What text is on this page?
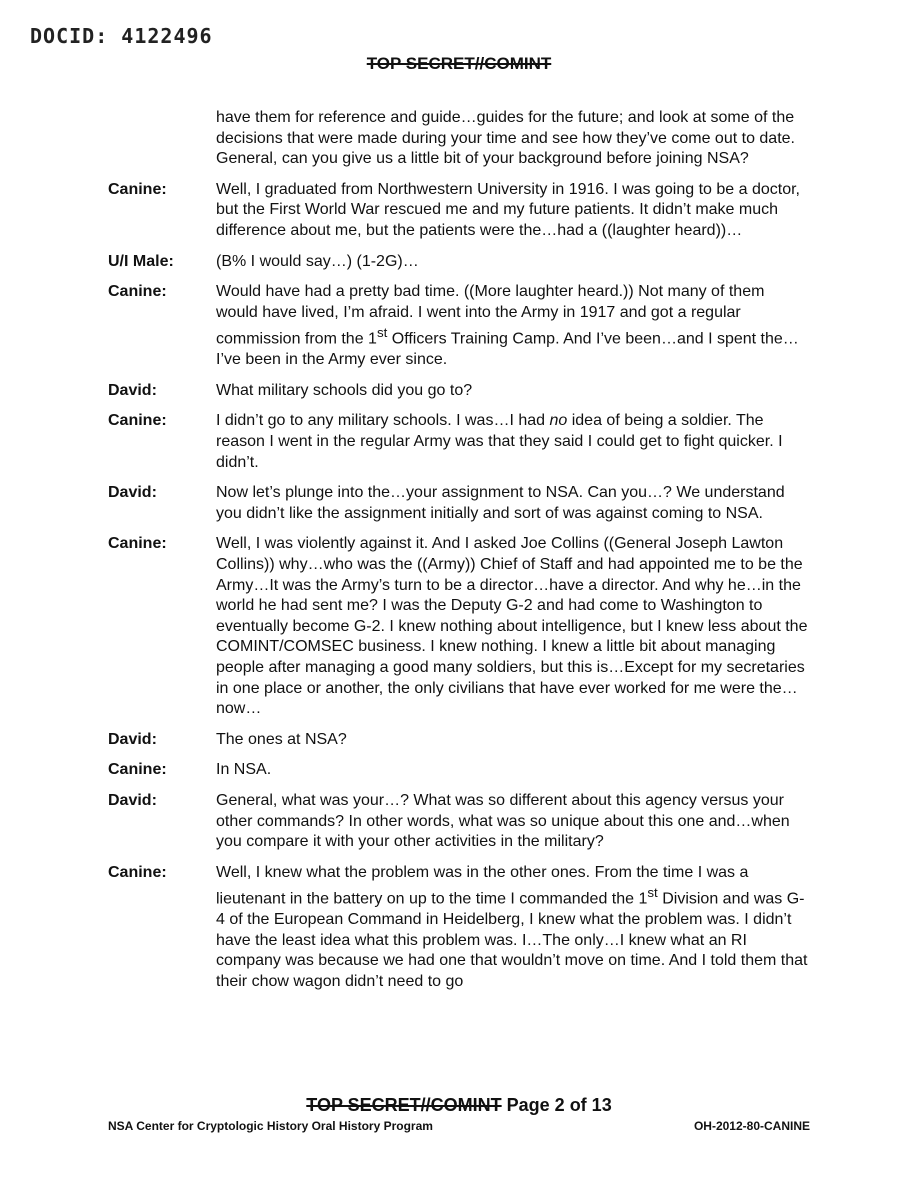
DOCID: 4122496
TOP SECRET//COMINT
have them for reference and guide…guides for the future; and look at some of the decisions that were made during your time and see how they’ve come out to date. General, can you give us a little bit of your background before joining NSA?
Canine:	Well, I graduated from Northwestern University in 1916. I was going to be a doctor, but the First World War rescued me and my future patients. It didn’t make much difference about me, but the patients were the…had a ((laughter heard))…
U/I Male:	(B% I would say…) (1-2G)…
Canine:	Would have had a pretty bad time. ((More laughter heard.)) Not many of them would have lived, I’m afraid. I went into the Army in 1917 and got a regular commission from the 1st Officers Training Camp. And I’ve been…and I spent the…I’ve been in the Army ever since.
David:	What military schools did you go to?
Canine:	I didn’t go to any military schools. I was…I had no idea of being a soldier. The reason I went in the regular Army was that they said I could get to fight quicker. I didn’t.
David:	Now let’s plunge into the…your assignment to NSA. Can you…? We understand you didn’t like the assignment initially and sort of was against coming to NSA.
Canine:	Well, I was violently against it. And I asked Joe Collins ((General Joseph Lawton Collins)) why…who was the ((Army)) Chief of Staff and had appointed me to be the Army…It was the Army’s turn to be a director…have a director. And why he…in the world he had sent me? I was the Deputy G-2 and had come to Washington to eventually become G-2. I knew nothing about intelligence, but I knew less about the COMINT/COMSEC business. I knew nothing. I knew a little bit about managing people after managing a good many soldiers, but this is…Except for my secretaries in one place or another, the only civilians that have ever worked for me were the…now…
David:	The ones at NSA?
Canine:	In NSA.
David:	General, what was your…? What was so different about this agency versus your other commands? In other words, what was so unique about this one and…when you compare it with your other activities in the military?
Canine:	Well, I knew what the problem was in the other ones. From the time I was a lieutenant in the battery on up to the time I commanded the 1st Division and was G-4 of the European Command in Heidelberg, I knew what the problem was. I didn’t have the least idea what this problem was. I…The only…I knew what an RI company was because we had one that wouldn’t move on time. And I told them that their chow wagon didn’t need to go
TOP SECRET//COMINT Page 2 of 13
NSA Center for Cryptologic History Oral History Program	OH-2012-80-CANINE
